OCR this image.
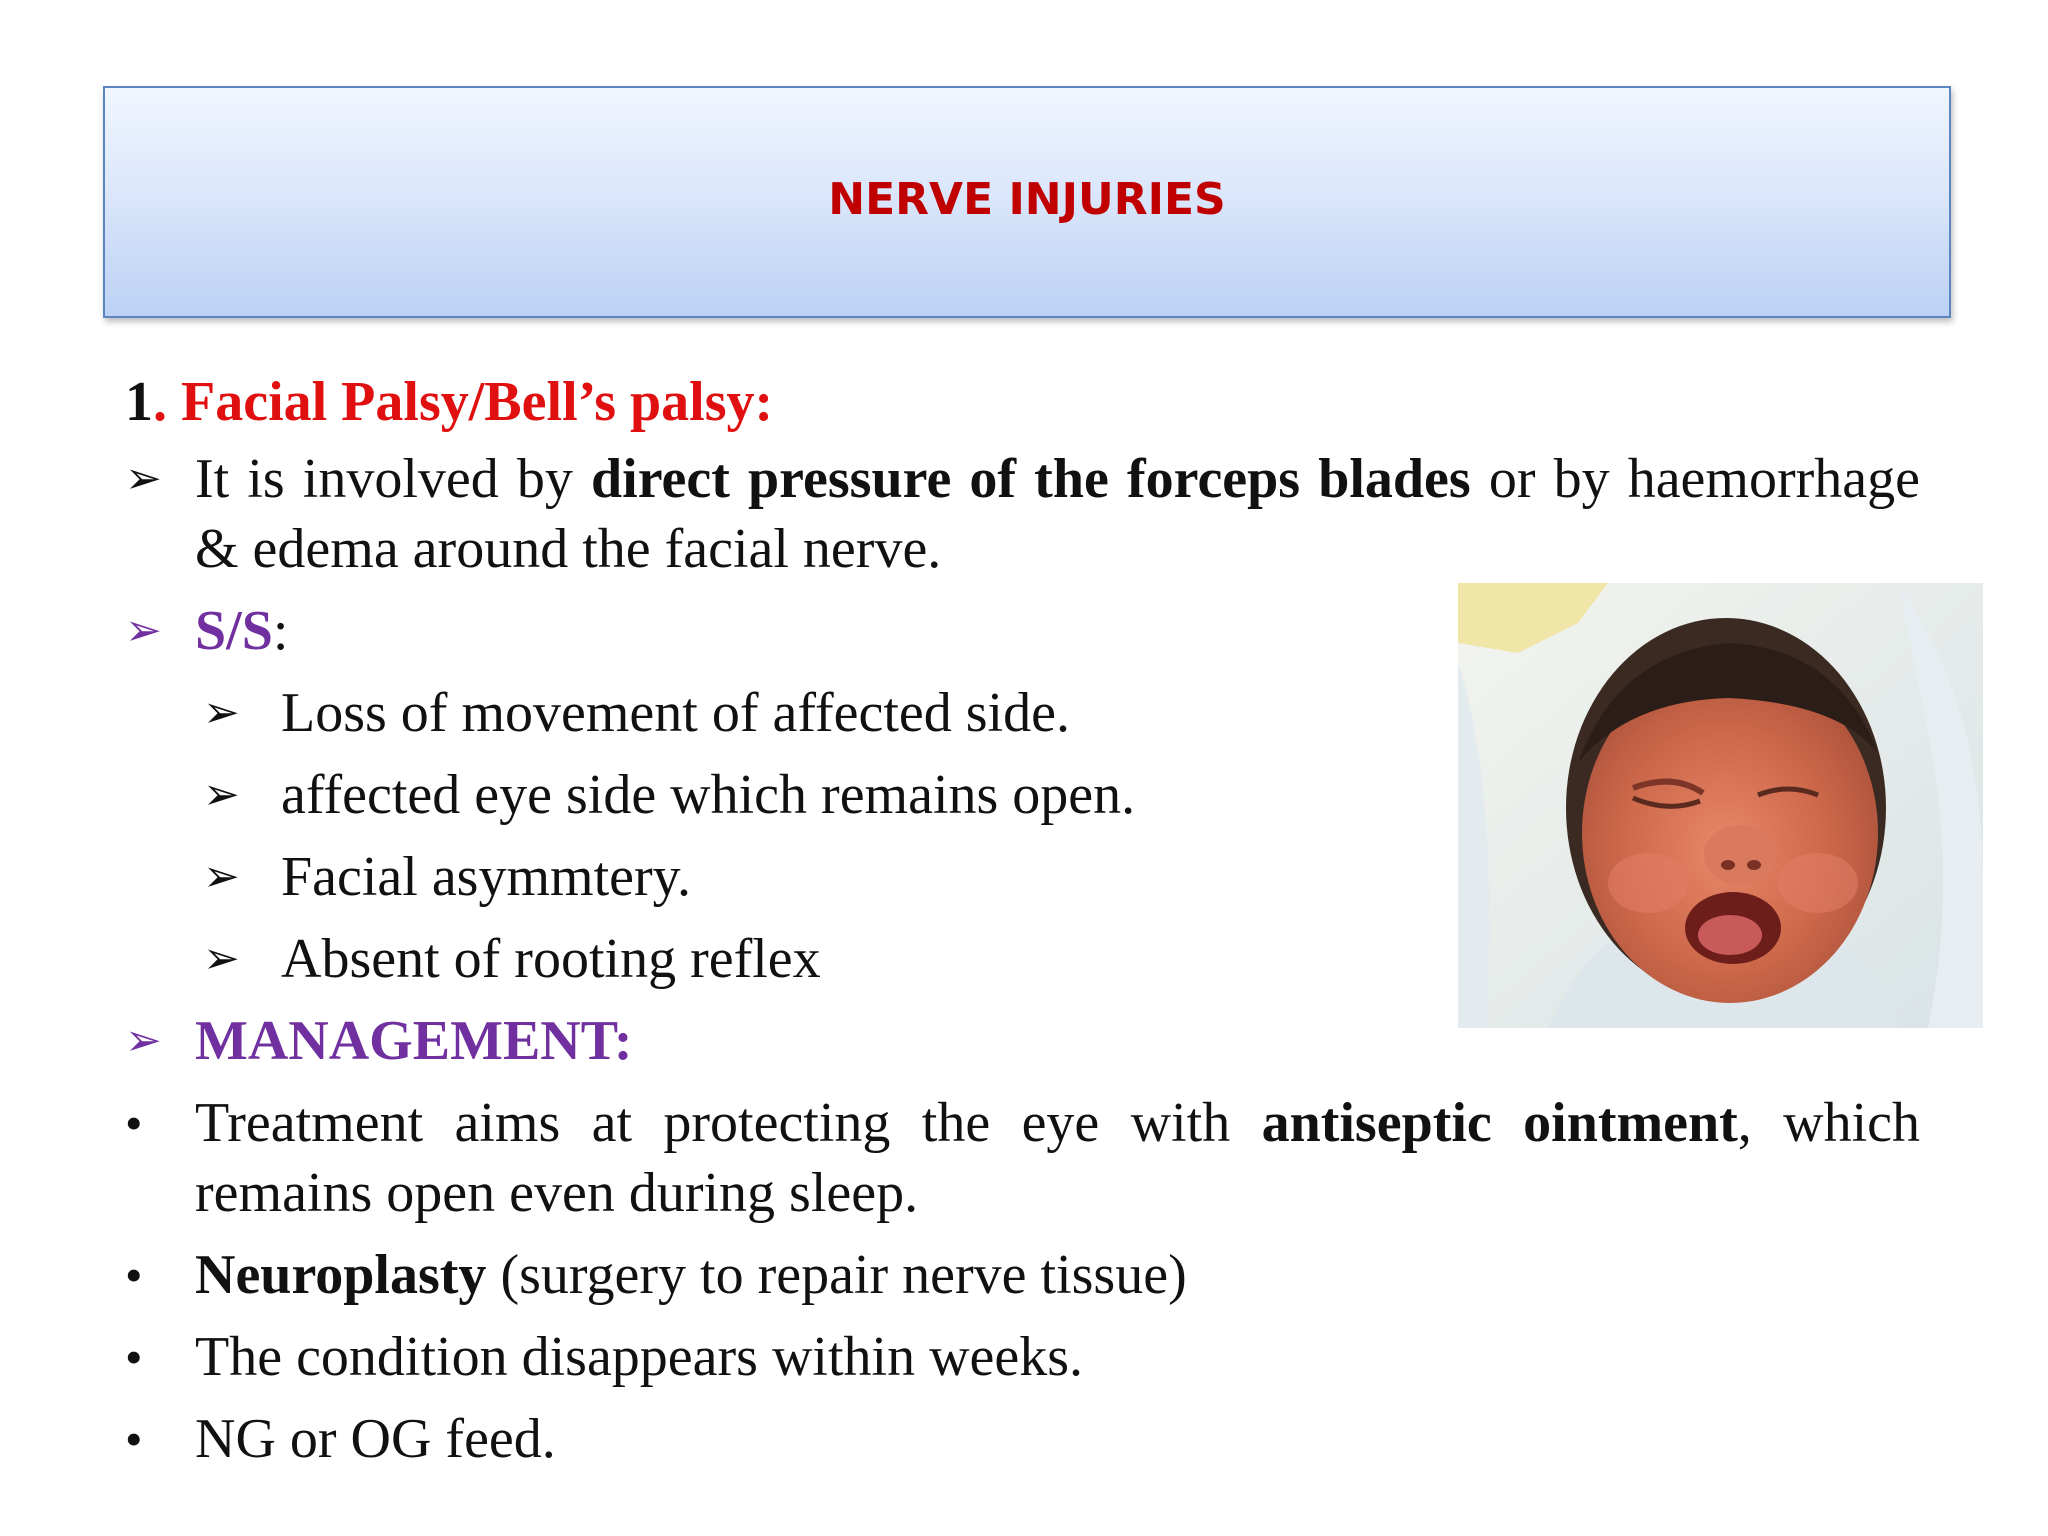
NERVE INJURIES
1. Facial Palsy/Bell’s palsy:
➢ It is involved by direct pressure of the forceps blades or by haemorrhage & edema around the facial nerve.
➢ S/S:
➢ Loss of movement of affected side.
➢ affected eye side which remains open.
➢ Facial asymmtery.
➢ Absent of rooting reflex
➢ MANAGEMENT:
• Treatment aims at protecting the eye with antiseptic ointment, which remains open even during sleep.
• Neuroplasty (surgery to repair nerve tissue)
• The condition disappears within weeks.
• NG or OG feed.
